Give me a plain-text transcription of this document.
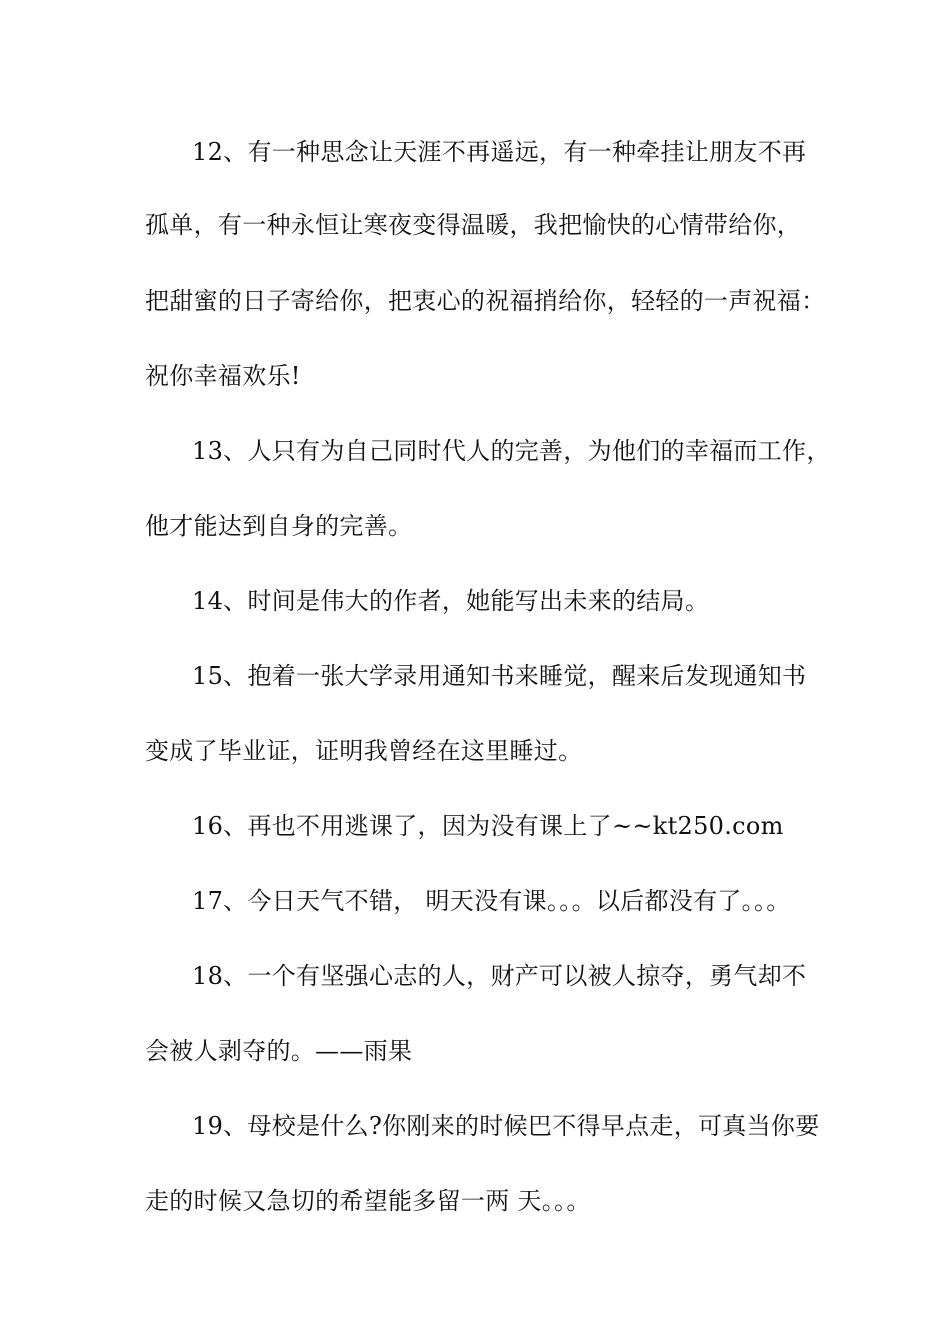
12、有一种思念让天涯不再遥远，有一种牵挂让朋友不再
孤单，有一种永恒让寒夜变得温暖，我把愉快的心情带给你，
把甜蜜的日子寄给你，把衷心的祝福捎给你，轻轻的一声祝福：
祝你幸福欢乐!
13、人只有为自己同时代人的完善，为他们的幸福而工作，
他才能达到自身的完善。
14、时间是伟大的作者，她能写出未来的结局。
15、抱着一张大学录用通知书来睡觉，醒来后发现通知书
变成了毕业证，证明我曾经在这里睡过。
16、再也不用逃课了，因为没有课上了~~kt250.com
17、今日天气不错， 明天没有课。。。以后都没有了。。。
18、一个有坚强心志的人，财产可以被人掠夺，勇气却不
会被人剥夺的。——雨果
19、母校是什么?你刚来的时候巴不得早点走，可真当你要
走的时候又急切的希望能多留一两 天。。。
